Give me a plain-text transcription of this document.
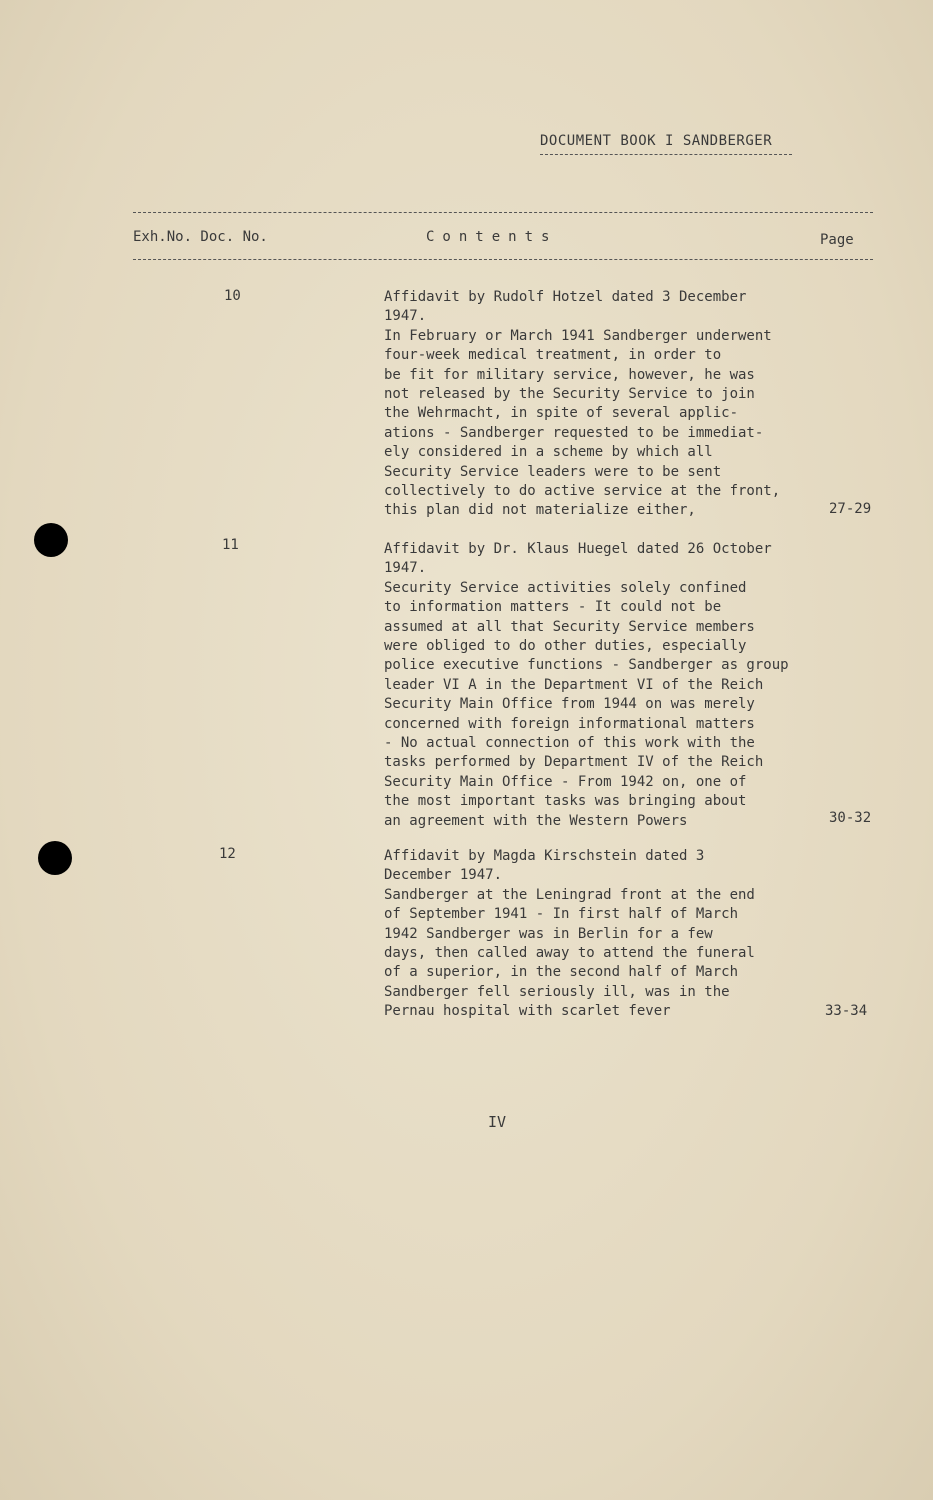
DOCUMENT BOOK I SANDBERGER
Exh.No. Doc. No.	Contents	Page
10	Affidavit by Rudolf Hotzel dated 3 December
1947.
In February or March 1941 Sandberger underwent
four-week medical treatment, in order to
be fit for military service, however, he was
not released by the Security Service to join
the Wehrmacht, in spite of several applic-
ations - Sandberger requested to be immediat-
ely considered in a scheme by which all
Security Service leaders were to be sent
collectively to do active service at the front,
this plan did not materialize either,	27-29
11	Affidavit by Dr. Klaus Huegel dated 26 October
1947.
Security Service activities solely confined
to information matters - It could not be
assumed at all that Security Service members
were obliged to do other duties, especially
police executive functions - Sandberger as group
leader VI A in the Department VI of the Reich
Security Main Office from 1944 on was merely
concerned with foreign informational matters
- No actual connection of this work with the
tasks performed by Department IV of the Reich
Security Main Office - From 1942 on, one of
the most important tasks was bringing about
an agreement with the Western Powers	30-32
12	Affidavit by Magda Kirschstein dated 3
December 1947.
Sandberger at the Leningrad front at the end
of September 1941 - In first half of March
1942 Sandberger was in Berlin for a few
days, then called away to attend the funeral
of a superior, in the second half of March
Sandberger fell seriously ill, was in the
Pernau hospital with scarlet fever	33-34
IV
